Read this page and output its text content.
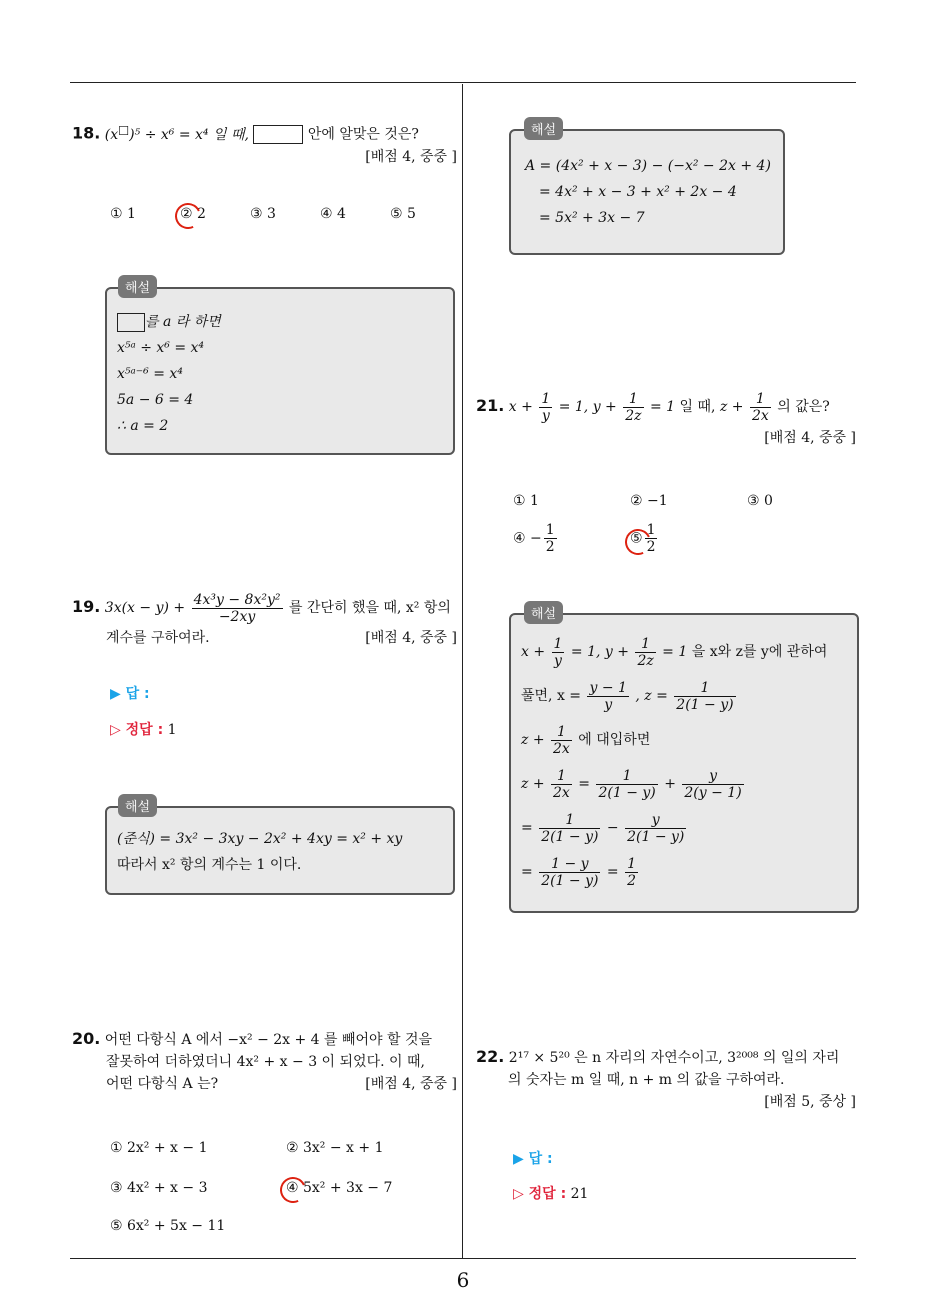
18. (x□)⁵ ÷ x⁶ = x⁴ 일 때,	안에 알맞은 것은?
[배점 4, 중중 ]
① 1	② 2	③ 3	④ 4	⑤ 5
를 a 라 하면
x⁵ᵃ ÷ x⁶ = x⁴
x⁵ᵃ⁻⁶ = x⁴
5a − 6 = 4
∴ a = 2
해설
19. $3x(x - y) + \frac{\text{4x³y − 8x²y²}}{-2xy}$ 를 간단히 했을 때, x² 항의
계수를 구하여라.	[배점 4, 중중 ]
▶ 답 :
▷ 정답 : 1
(준식) = 3x² − 3xy − 2x² + 4xy = x² + xy
따라서 x² 항의 계수는 1 이다.
해설
20. 어떤 다항식 A 에서 −x² − 2x + 4 를 빼어야 할 것을
잘못하여 더하였더니 4x² + x − 3 이 되었다. 이 때,
어떤 다항식 A 는?	[배점 4, 중중 ]
① 2x² + x − 1	② 3x² − x + 1
③ 4x² + x − 3	④ 5x² + 3x − 7
⑤ 6x² + 5x − 11
A = (4x² + x − 3) − (−x² − 2x + 4)
= 4x² + x − 3 + x² + 2x − 4
= 5x² + 3x − 7
해설
21. $x + \frac{1}{y} = 1$, $y + \frac{1}{2z} = 1$ 일 때, $z + \frac{1}{2x}$ 의 값은?
[배점 4, 중중 ]
① 1	② −1	③ 0
④ − $\frac{1}{2}$	⑤ $\frac{1}{2}$
$x + \frac{1}{y} = 1$, $y + \frac{1}{2z} = 1$ 을 x와 z를 y에 관하여
풀면, $x = \frac{y - 1}{y}$ , $z = \frac{1}{2(1 - y)}$
$z + \frac{1}{2x}$ 에 대입하면
$z + \frac{1}{2x} = \frac{1}{2(1 - y)} + \frac{y}{2(y - 1)}$
= $\frac{1}{2(1 - y)} - \frac{y}{2(1 - y)}$
= $\frac{1 - y}{2(1 - y)} = \frac{1}{2}$
해설
22. 2¹⁷ × 5²⁰ 은 n 자리의 자연수이고, 3²⁰⁰⁸ 의 일의 자리
의 숫자는 m 일 때, n + m 의 값을 구하여라.
[배점 5, 중상 ]
▶ 답 :
▷ 정답 : 21
6
